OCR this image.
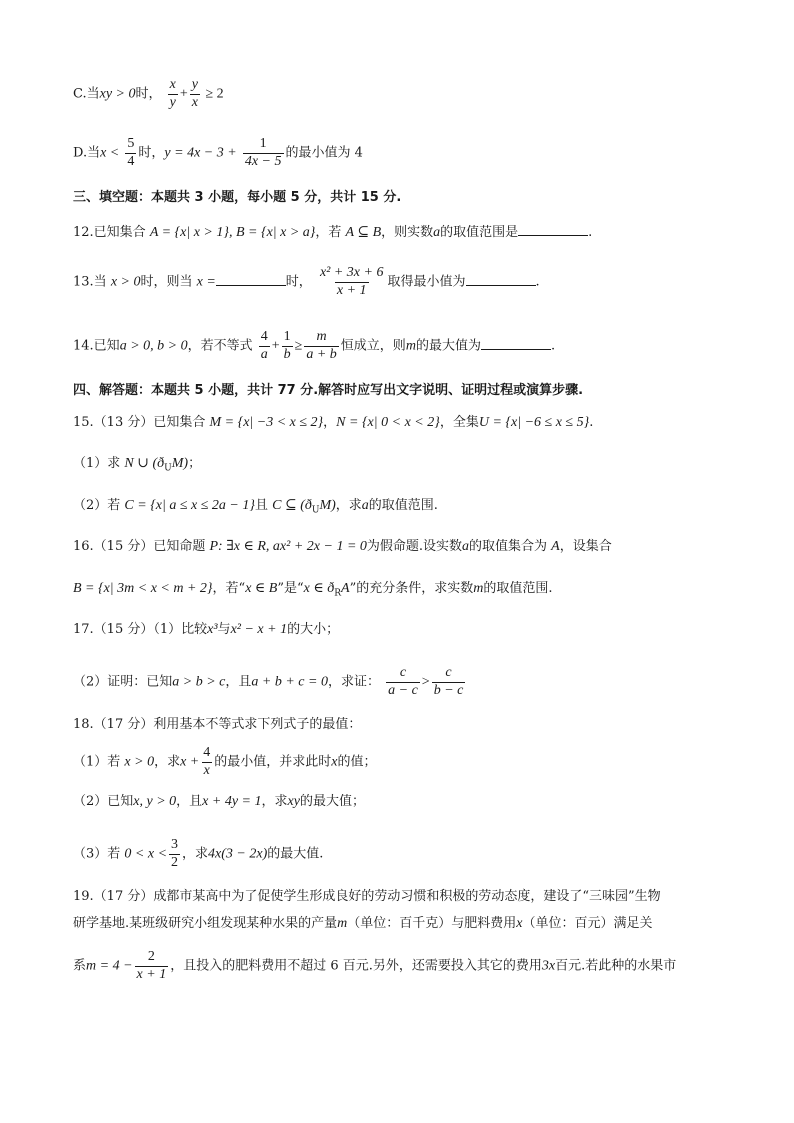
C.当xy > 0时， $\frac{x}{y} + \frac{y}{x} \ge 2$
D.当$x < \frac{5}{4}$ 时，$y = 4x - 3 + \frac{1}{4x - 5}$ 的最小值为 4
三、填空题：本题共 3 小题，每小题 5 分，共计 15 分.
12.已知集合 A = {x| x > 1}, B = {x| x > a}，若 A ⊆ B，则实数a的取值范围是	.
13.当 x > 0时，则当 x =	时， $\frac{\text{x² + 3x + 6}}{x + 1}$ 取得最小值为	.
14.已知a > 0, b > 0，若不等式 $\frac{4}{a} + \frac{1}{b} \ge \frac{m}{a + b}$ 恒成立，则m的最大值为	.
四、解答题：本题共 5 小题，共计 77 分.解答时应写出文字说明、证明过程或演算步骤.
15.（13 分）已知集合 M = {x| −3 < x ≤ 2}，N = {x| 0 < x < 2}，全集U = {x| −6 ≤ x ≤ 5}.
（1）求 N ∪ $(ð_UM)$；
（2）若 C = {x| a ≤ x ≤ 2a − 1}且 C ⊆ $(ð_UM)$，求a的取值范围.
16.（15 分）已知命题 P: ∃x ∈ R, ax² + 2x − 1 = 0为假命题.设实数a的取值集合为 A，设集合
B = {x| 3m < x < m + 2}，若“x ∈ B”是“x ∈ $ð_RA$”的充分条件，求实数m的取值范围.
17.（15 分）（1）比较x³与x² − x + 1的大小；
（2）证明：已知a > b > c，且a + b + c = 0，求证： $\frac{c}{a - c} > \frac{c}{b - c}$
18.（17 分）利用基本不等式求下列式子的最值：
（1）若 x > 0，求$x + \frac{4}{x}$ 的最小值，并求此时x的值；
（2）已知x, y > 0，且x + 4y = 1，求xy的最大值；
（3）若 $0 < x < \frac{3}{2}$ ，求4x(3 − 2x)的最大值.
19.（17 分）成都市某高中为了促使学生形成良好的劳动习惯和积极的劳动态度，建设了“三味园”生物
研学基地.某班级研究小组发现某种水果的产量m（单位：百千克）与肥料费用x（单位：百元）满足关
系$m = 4 - \frac{2}{x + 1}$ ，且投入的肥料费用不超过 6 百元.另外，还需要投入其它的费用3x百元.若此种的水果市
